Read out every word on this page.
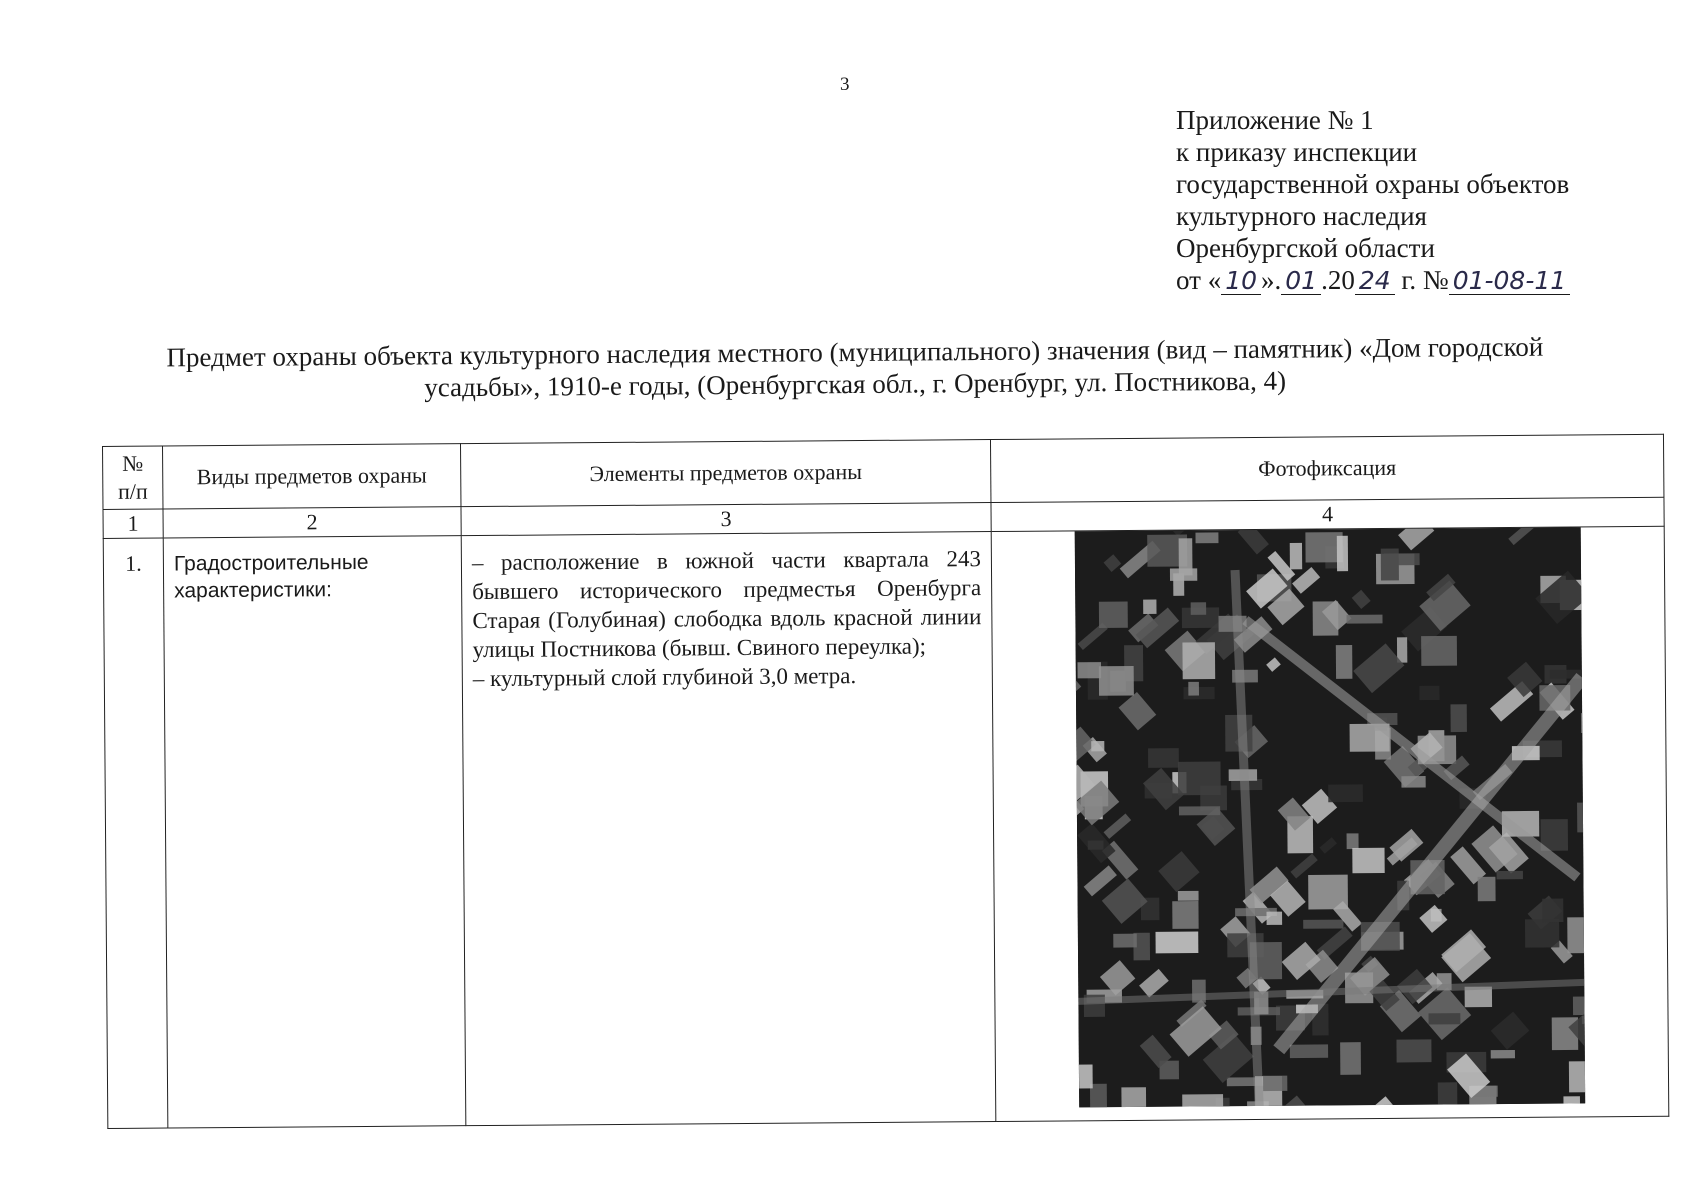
3
Приложение № 1
к приказу инспекции
государственной охраны объектов
культурного наследия
Оренбургской области
от « 10 ». 01 .20 24 г. № 01-08-11
Предмет охраны объекта культурного наследия местного (муниципального) значения (вид – памятник) «Дом городской усадьбы», 1910-е годы, (Оренбургская обл., г. Оренбург, ул. Постникова, 4)
№ п/п	Виды предметов охраны	Элементы предметов охраны	Фотофиксация
1	2	3	4
1.	Градостроительные характеристики:	– расположение в южной части квартала 243 бывшего исторического предместья Оренбурга Старая (Голубиная) слободка вдоль красной линии улицы Постникова (бывш. Свиного переулка);

– культурный слой глубиной 3,0 метра.
